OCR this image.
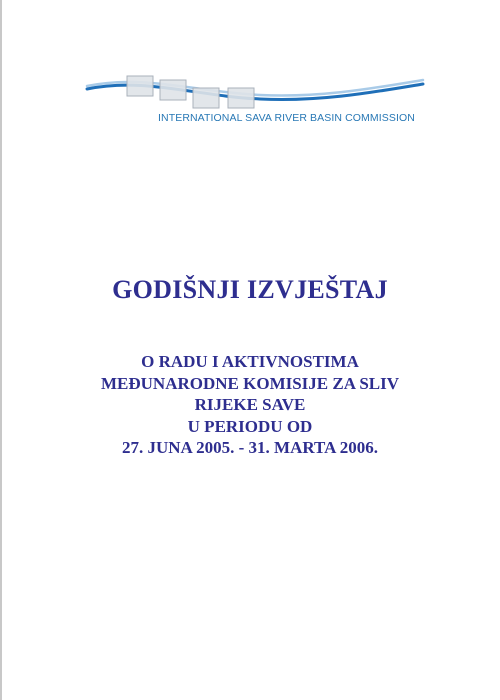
INTERNATIONAL SAVA RIVER BASIN COMMISSION

GODIŠNJI IZVJEŠTAJ
O RADU I AKTIVNOSTIMA
MEĐUNARODNE KOMISIJE ZA SLIV
RIJEKE SAVE
U PERIODU OD
27. JUNA 2005. - 31. MARTA 2006.
